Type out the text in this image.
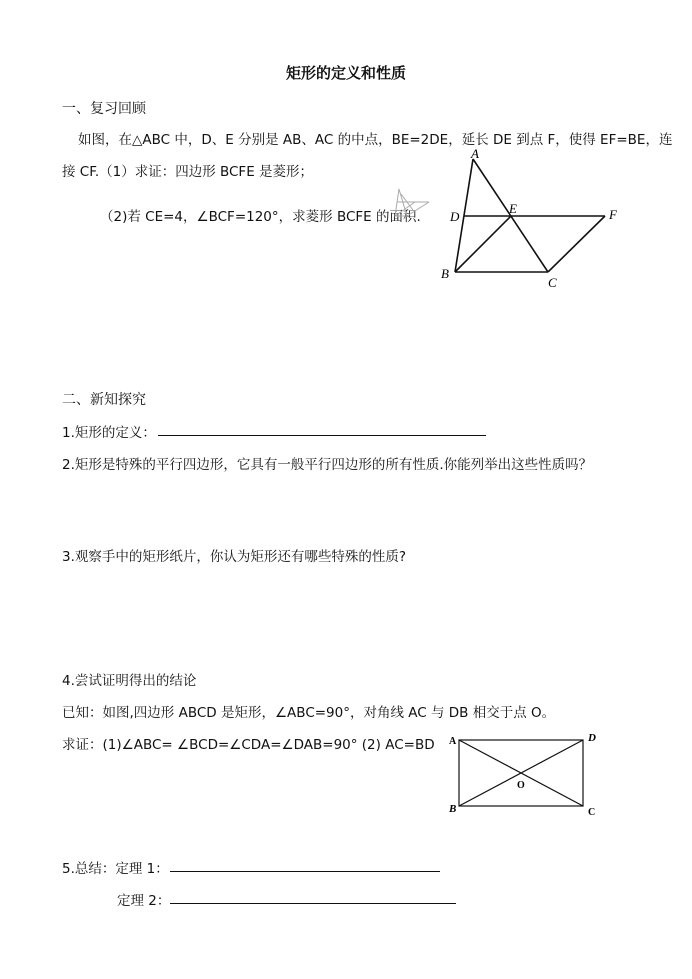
矩形的定义和性质
一、复习回顾
如图，在△ABC 中，D、E 分别是 AB、AC 的中点，BE=2DE，延长 DE 到点 F，使得 EF=BE，连
接 CF.（1）求证：四边形 BCFE 是菱形；
（2)若 CE=4，∠BCF=120°，求菱形 BCFE 的面积.
A
D
E	F
B
C
二、新知探究
1.矩形的定义：
2.矩形是特殊的平行四边形，它具有一般平行四边形的所有性质.你能列举出这些性质吗？
3.观察手中的矩形纸片，你认为矩形还有哪些特殊的性质?
4.尝试证明得出的结论
已知：如图,四边形 ABCD 是矩形，∠ABC=90°，对角线 AC 与 DB 相交于点 O。
求证：(1)∠ABC= ∠BCD=∠CDA=∠DAB=90° (2) AC=BD A	D
O
B	C
5.总结：定理 1：
定理 2：
